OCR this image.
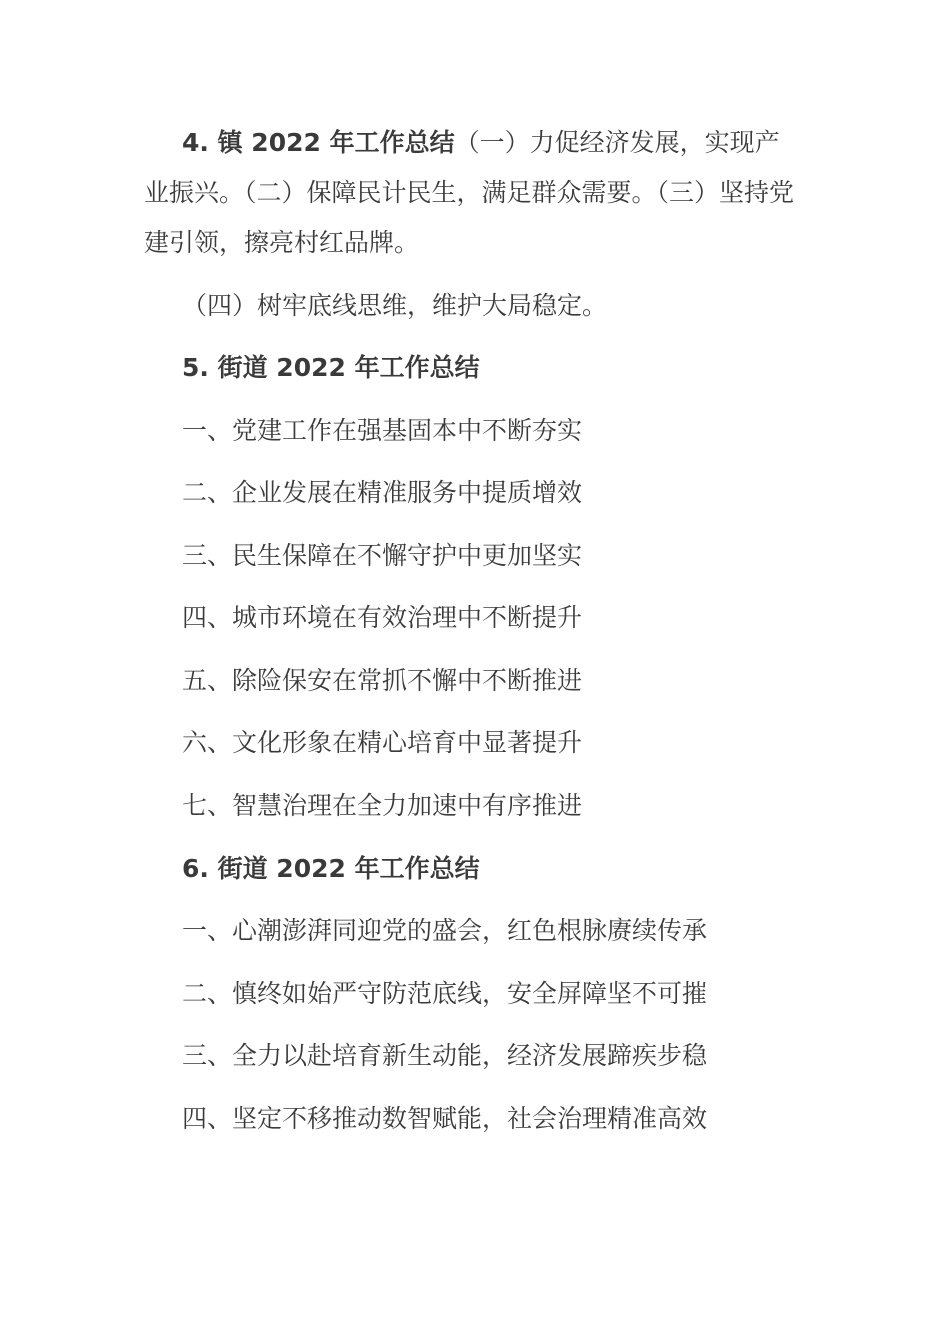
4. 镇 2022 年工作总结（一）力促经济发展，实现产业振兴。（二）保障民计民生，满足群众需要。（三）坚持党建引领，擦亮村红品牌。

（四）树牢底线思维，维护大局稳定。

5. 街道 2022 年工作总结

一、党建工作在强基固本中不断夯实

二、企业发展在精准服务中提质增效

三、民生保障在不懈守护中更加坚实

四、城市环境在有效治理中不断提升

五、除险保安在常抓不懈中不断推进

六、文化形象在精心培育中显著提升

七、智慧治理在全力加速中有序推进

6. 街道 2022 年工作总结

一、心潮澎湃同迎党的盛会，红色根脉赓续传承

二、慎终如始严守防范底线，安全屏障坚不可摧

三、全力以赴培育新生动能，经济发展蹄疾步稳

四、坚定不移推动数智赋能，社会治理精准高效
